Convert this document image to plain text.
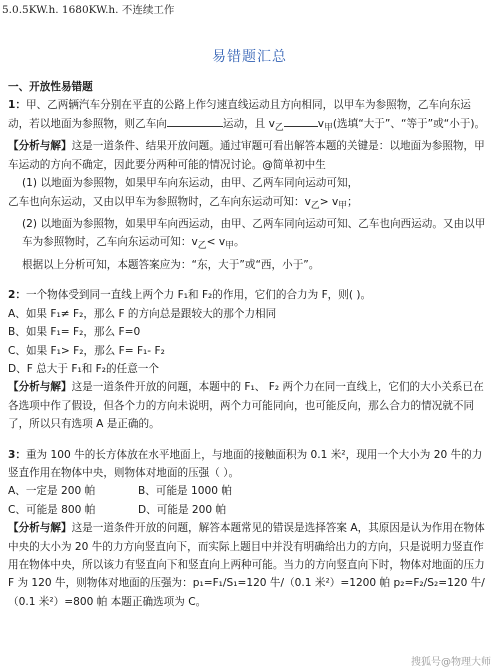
5.0.5KW.h. 1680KW.h. 不连续工作
易错题汇总

一、开放性易错题

1：甲、乙两辆汽车分别在平直的公路上作匀速直线运动且方向相同，以甲车为参照物，乙车向东运动，若以地面为参照物，则乙车向	运动，且 $v_乙$	$v_甲$(选填“大于”、“等于”或“小于)。

【分析与解】这是一道条件、结果开放问题。通过审题可看出解答本题的关键是：以地面为参照物，甲车运动的方向不确定，因此要分两种可能的情况讨论。@简单初中生

(1) 以地面为参照物，如果甲车向东运动，由甲、乙两车同向运动可知，

乙车也向东运动，又由以甲车为参照物时，乙车向东运动可知：$v_乙> v_甲$；

(2) 以地面为参照物，如果甲车向西运动，由甲、乙两车同向运动可知、乙车也向西运动。又由以甲车为参照物时，乙车向东运动可知：$v_乙< v_甲$。

根据以上分析可知，本题答案应为：“东，大于”或“西，小于”。

2：一个物体受到同一直线上两个力 F₁和 F₂的作用，它们的合力为 F，则( )。

A、如果 F₁≠ F₂，那么 F 的方向总是跟较大的那个力相同

B、如果 F₁= F₂，那么 F=0

C、如果 F₁> F₂，那么 F= F₁- F₂

D、F 总大于 F₁和 F₂的任意一个

【分析与解】这是一道条件开放的问题，本题中的 F₁、 F₂ 两个力在同一直线上，它们的大小关系已在各选项中作了假设，但各个力的方向未说明，两个力可能同向，也可能反向，那么合力的情况就不同了，所以只有选项 A 是正确的。

3：重为 100 牛的长方体放在水平地面上，与地面的接触面积为 0.1 米²，现用一个大小为 20 牛的力竖直作用在物体中央，则物体对地面的压强（ ）。

A、一定是 200 帕	B、可能是 1000 帕
C、可能是 800 帕	D、可能是 200 帕

【分析与解】这是一道条件开放的问题，解答本题常见的错误是选择答案 A，其原因是认为作用在物体中央的大小为 20 牛的力方向竖直向下，而实际上题目中并没有明确给出力的方向，只是说明力竖直作用在物体中央，所以该力有竖直向下和竖直向上两种可能。当力的方向竖直向下时，物体对地面的压力 F 为 120 牛，则物体对地面的压强为：p₁=F₁/S₁=120 牛/（0.1 米²）=1200 帕 p₂=F₂/S₂=120 牛/（0.1 米²）=800 帕 本题正确选项为 C。

搜狐号@物理大师
